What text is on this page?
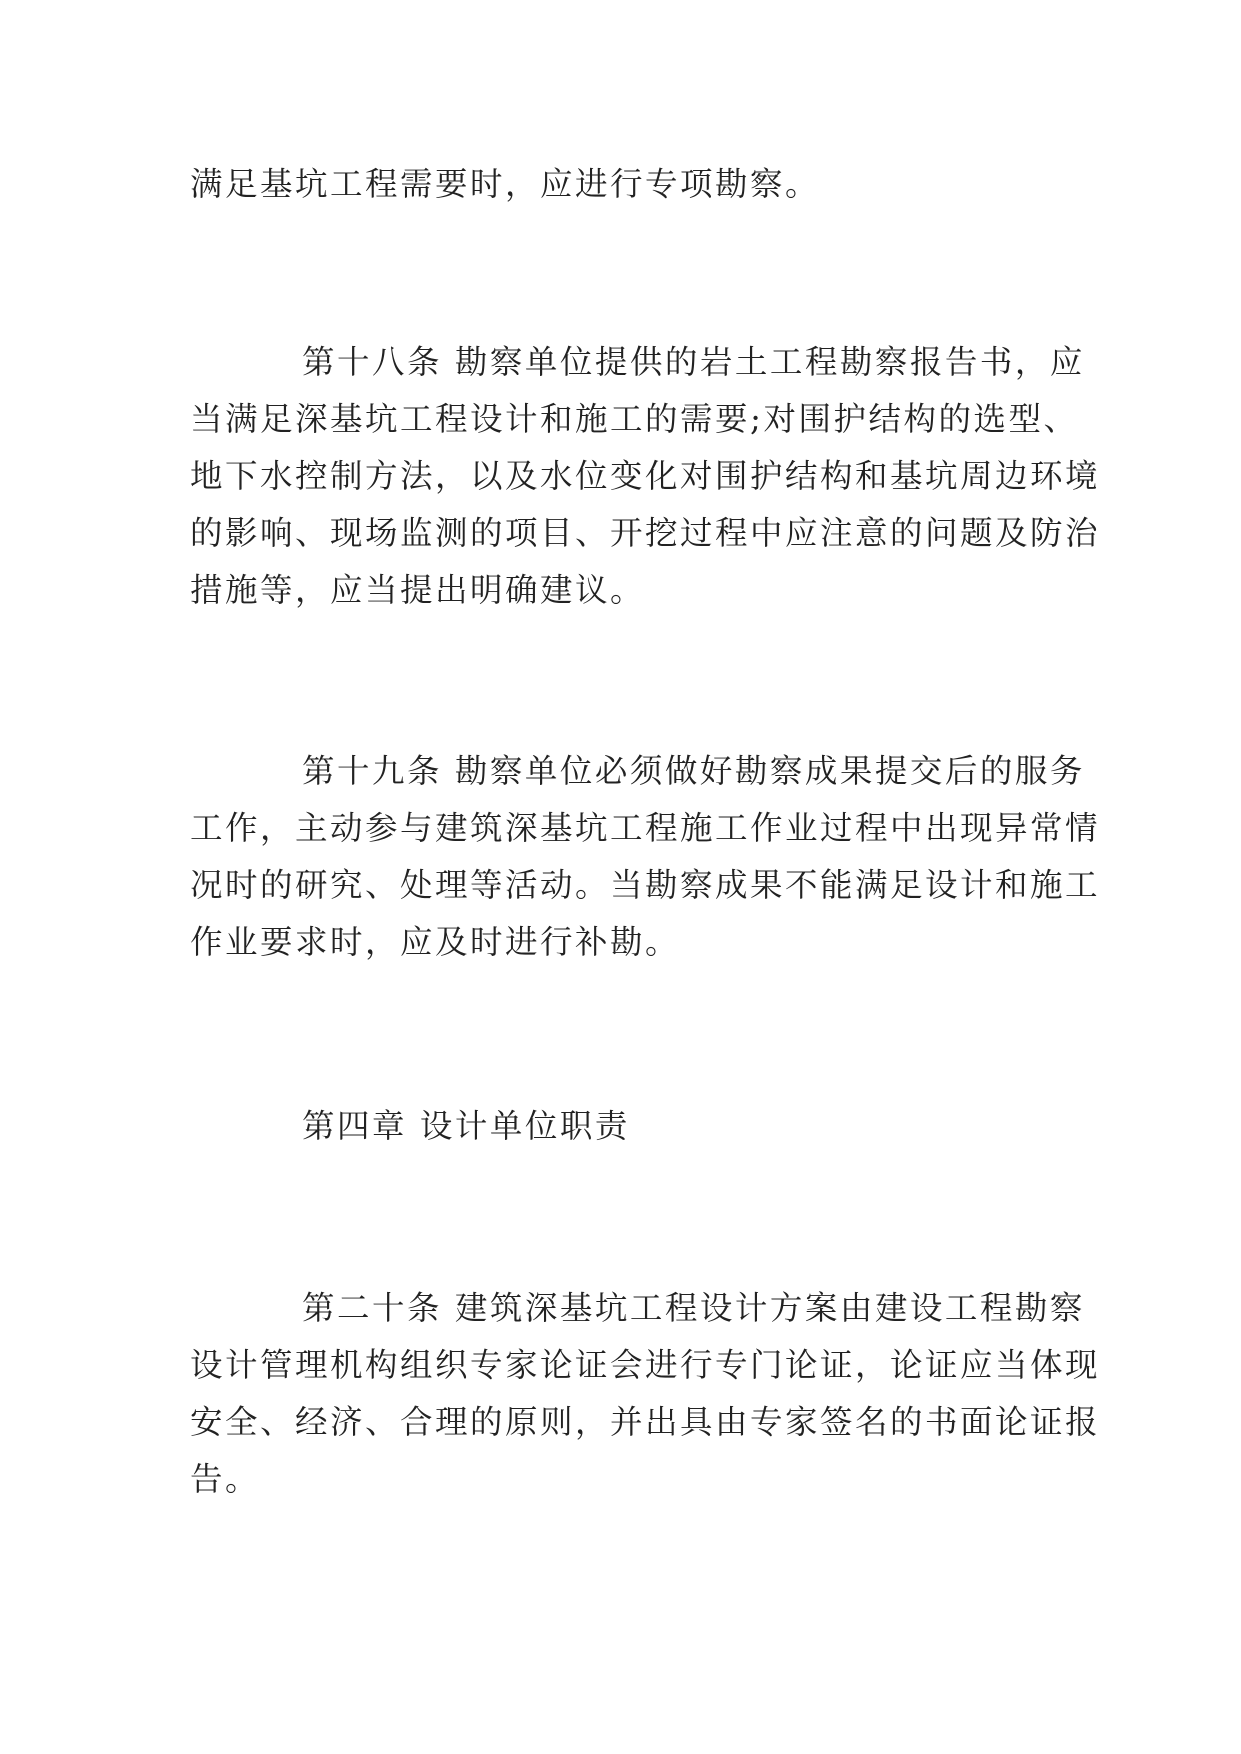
满足基坑工程需要时，应进行专项勘察。
第十八条 勘察单位提供的岩土工程勘察报告书，应
当满足深基坑工程设计和施工的需要;对围护结构的选型、
地下水控制方法，以及水位变化对围护结构和基坑周边环境
的影响、现场监测的项目、开挖过程中应注意的问题及防治
措施等，应当提出明确建议。
第十九条 勘察单位必须做好勘察成果提交后的服务
工作，主动参与建筑深基坑工程施工作业过程中出现异常情
况时的研究、处理等活动。当勘察成果不能满足设计和施工
作业要求时，应及时进行补勘。
第四章 设计单位职责
第二十条 建筑深基坑工程设计方案由建设工程勘察
设计管理机构组织专家论证会进行专门论证，论证应当体现
安全、经济、合理的原则，并出具由专家签名的书面论证报
告。
